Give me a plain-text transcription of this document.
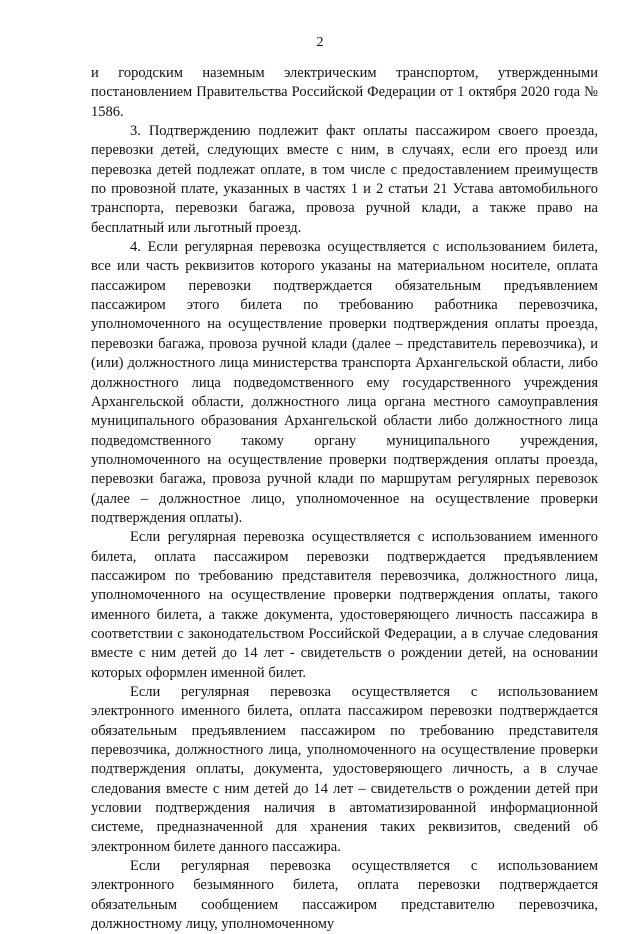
2

и городским наземным электрическим транспортом, утвержденными постановлением Правительства Российской Федерации от 1 октября 2020 года № 1586.

3. Подтверждению подлежит факт оплаты пассажиром своего проезда, перевозки детей, следующих вместе с ним, в случаях, если его проезд или перевозка детей подлежат оплате, в том числе с предоставлением преимуществ по провозной плате, указанных в частях 1 и 2 статьи 21 Устава автомобильного транспорта, перевозки багажа, провоза ручной клади, а также право на бесплатный или льготный проезд.

4. Если регулярная перевозка осуществляется с использованием билета, все или часть реквизитов которого указаны на материальном носителе, оплата пассажиром перевозки подтверждается обязательным предъявлением пассажиром этого билета по требованию работника перевозчика, уполномоченного на осуществление проверки подтверждения оплаты проезда, перевозки багажа, провоза ручной клади (далее – представитель перевозчика), и (или) должностного лица министерства транспорта Архангельской области, либо должностного лица подведомственного ему государственного учреждения Архангельской области, должностного лица органа местного самоуправления муниципального образования Архангельской области либо должностного лица подведомственного такому органу муниципального учреждения, уполномоченного на осуществление проверки подтверждения оплаты проезда, перевозки багажа, провоза ручной клади по маршрутам регулярных перевозок (далее – должностное лицо, уполномоченное на осуществление проверки подтверждения оплаты).

Если регулярная перевозка осуществляется с использованием именного билета, оплата пассажиром перевозки подтверждается предъявлением пассажиром по требованию представителя перевозчика, должностного лица, уполномоченного на осуществление проверки подтверждения оплаты, такого именного билета, а также документа, удостоверяющего личность пассажира в соответствии с законодательством Российской Федерации, а в случае следования вместе с ним детей до 14 лет - свидетельств о рождении детей, на основании которых оформлен именной билет.

Если регулярная перевозка осуществляется с использованием электронного именного билета, оплата пассажиром перевозки подтверждается обязательным предъявлением пассажиром по требованию представителя перевозчика, должностного лица, уполномоченного на осуществление проверки подтверждения оплаты, документа, удостоверяющего личность, а в случае следования вместе с ним детей до 14 лет – свидетельств о рождении детей при условии подтверждения наличия в автоматизированной информационной системе, предназначенной для хранения таких реквизитов, сведений об электронном билете данного пассажира.

Если регулярная перевозка осуществляется с использованием электронного безымянного билета, оплата перевозки подтверждается обязательным сообщением пассажиром представителю перевозчика, должностному лицу, уполномоченному
